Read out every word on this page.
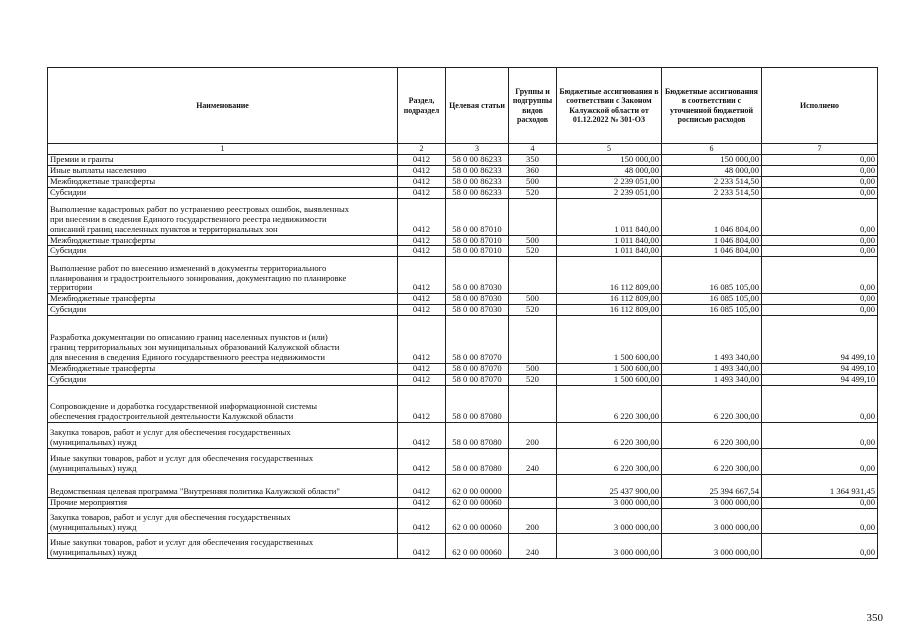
Наименование	Раздел, подраздел	Целевая статьи	Группы и подгруппы видов расходов	Бюджетные ассигнования в соответствии с Законом Калужской области от 01.12.2022 № 301-ОЗ	Бюджетные ассигнования в соответствии с уточненной бюджетной росписью расходов	Исполнено
1	2	3	4	5	6	7
Премии и гранты	0412	58 0 00 86233	350	150 000,00	150 000,00	0,00
Иные выплаты населению	0412	58 0 00 86233	360	48 000,00	48 000,00	0,00
Межбюджетные трансферты	0412	58 0 00 86233	500	2 239 051,00	2 233 514,50	0,00
Субсидии	0412	58 0 00 86233	520	2 239 051,00	2 233 514,50	0,00
Выполнение кадастровых работ по устранению реестровых ошибок, выявленных
при внесении в сведения Единого государственного реестра недвижимости
описаний границ населенных пунктов и территориальных зон	0412	58 0 00 87010		1 011 840,00	1 046 804,00	0,00
Межбюджетные трансферты	0412	58 0 00 87010	500	1 011 840,00	1 046 804,00	0,00
Субсидии	0412	58 0 00 87010	520	1 011 840,00	1 046 804,00	0,00
Выполнение работ по внесению изменений в документы территориального
планирования и градостроительного зонирования, документацию по планировке
территории	0412	58 0 00 87030		16 112 809,00	16 085 105,00	0,00
Межбюджетные трансферты	0412	58 0 00 87030	500	16 112 809,00	16 085 105,00	0,00
Субсидии	0412	58 0 00 87030	520	16 112 809,00	16 085 105,00	0,00
Разработка документации по описанию границ населенных пунктов и (или)
границ территориальных зон муниципальных образований Калужской области
для внесения в сведения Единого государственного реестра недвижимости	0412	58 0 00 87070		1 500 600,00	1 493 340,00	94 499,10
Межбюджетные трансферты	0412	58 0 00 87070	500	1 500 600,00	1 493 340,00	94 499,10
Субсидии	0412	58 0 00 87070	520	1 500 600,00	1 493 340,00	94 499,10
Сопровождение и доработка государственной информационной системы
обеспечения градостроительной деятельности Калужской области	0412	58 0 00 87080		6 220 300,00	6 220 300,00	0,00
Закупка товаров, работ и услуг для обеспечения государственных
(муниципальных) нужд	0412	58 0 00 87080	200	6 220 300,00	6 220 300,00	0,00
Иные закупки товаров, работ и услуг для обеспечения государственных
(муниципальных) нужд	0412	58 0 00 87080	240	6 220 300,00	6 220 300,00	0,00
Ведомственная целевая программа "Внутренняя политика Калужской области"	0412	62 0 00 00000		25 437 900,00	25 394 667,54	1 364 931,45
Прочие мероприятия	0412	62 0 00 00060		3 000 000,00	3 000 000,00	0,00
Закупка товаров, работ и услуг для обеспечения государственных
(муниципальных) нужд	0412	62 0 00 00060	200	3 000 000,00	3 000 000,00	0,00
Иные закупки товаров, работ и услуг для обеспечения государственных
(муниципальных) нужд	0412	62 0 00 00060	240	3 000 000,00	3 000 000,00	0,00
350
